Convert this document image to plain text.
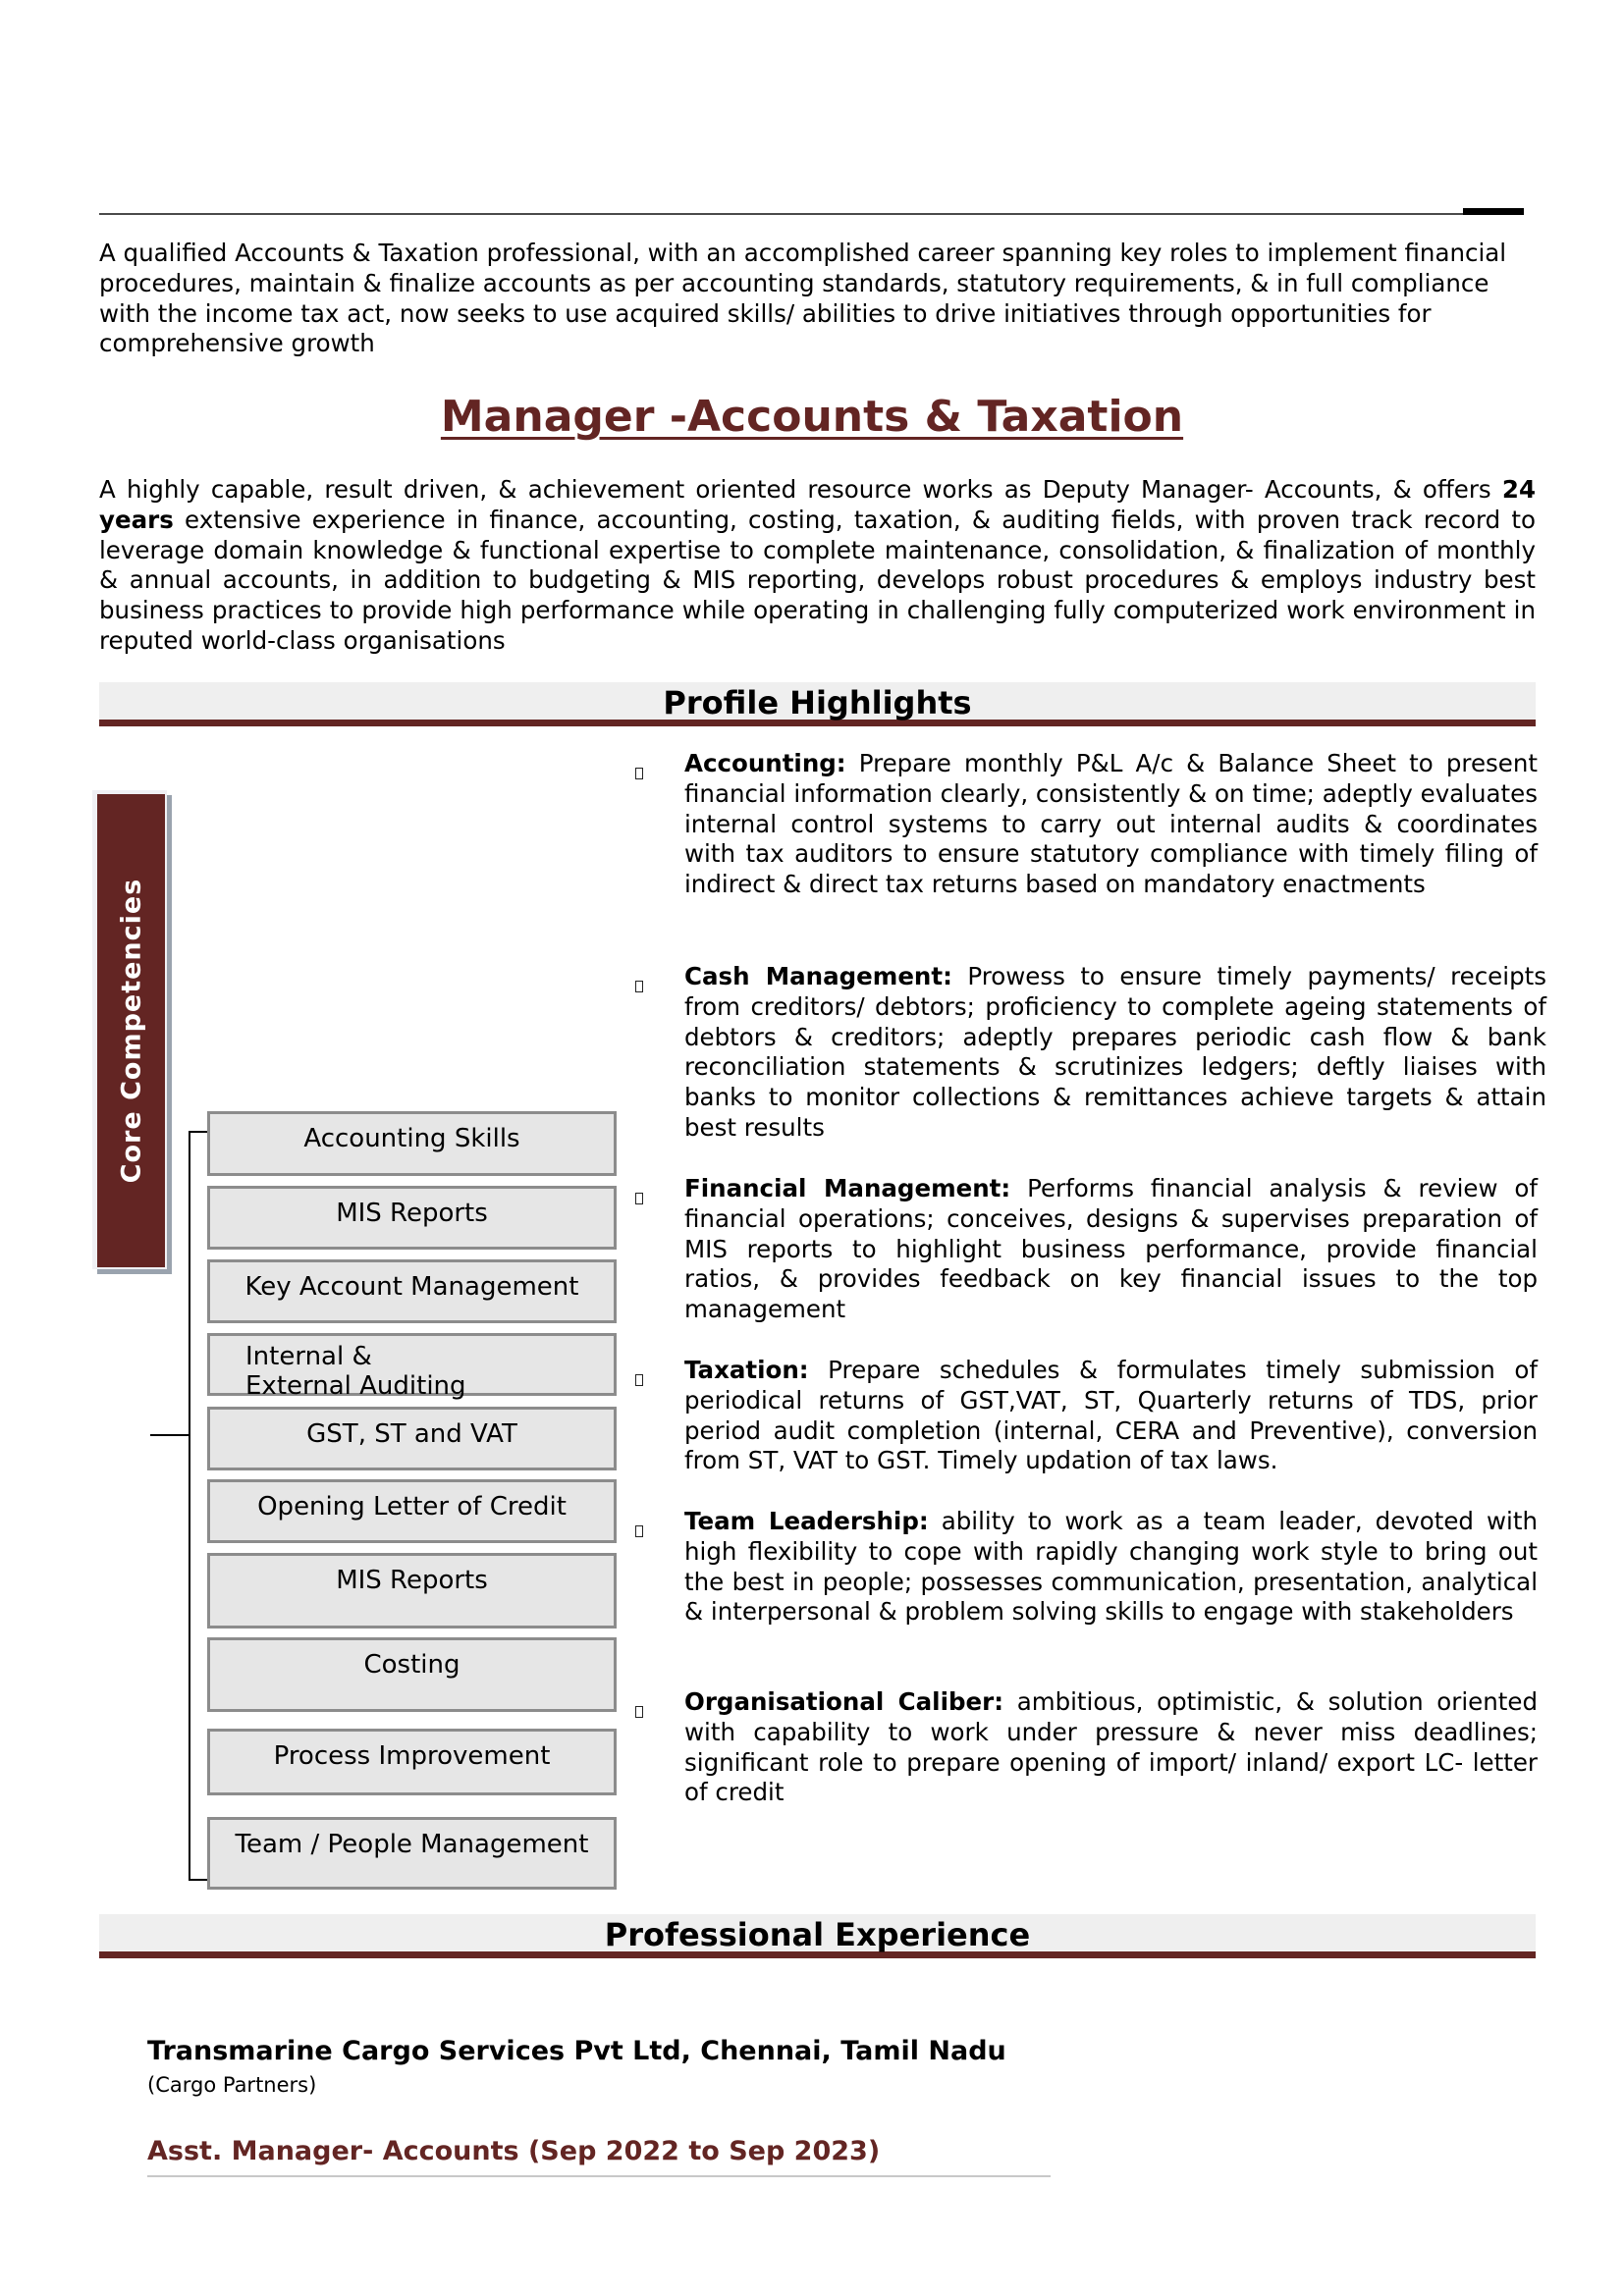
A qualified Accounts & Taxation professional, with an accomplished career spanning key roles to implement financial procedures, maintain & finalize accounts as per accounting standards, statutory requirements, & in full compliance with the income tax act, now seeks to use acquired skills/ abilities to drive initiatives through opportunities for comprehensive growth

Manager -Accounts & Taxation

A highly capable, result driven, & achievement oriented resource works as Deputy Manager- Accounts, & offers 24 years extensive experience in finance, accounting, costing, taxation, & auditing fields, with proven track record to leverage domain knowledge & functional expertise to complete maintenance, consolidation, & finalization of monthly & annual accounts, in addition to budgeting & MIS reporting, develops robust procedures & employs industry best business practices to provide high performance while operating in challenging fully computerized work environment in reputed world-class organisations

Profile Highlights
Core Competencies	Accounting Skills
MIS Reports
Key Account Management
Internal & External Auditing
GST, ST and VAT
Opening Letter of Credit
MIS Reports
Costing
Process Improvement
Team / People Management

Accounting: Prepare monthly P&L A/c & Balance Sheet to present financial information clearly, consistently & on time; adeptly evaluates internal control systems to carry out internal audits & coordinates with tax auditors to ensure statutory compliance with timely filing of indirect & direct tax returns based on mandatory enactments

Cash Management: Prowess to ensure timely payments/ receipts from creditors/ debtors; proficiency to complete ageing statements of debtors & creditors; adeptly prepares periodic cash flow & bank reconciliation statements & scrutinizes ledgers; deftly liaises with banks to monitor collections & remittances achieve targets & attain best results

Financial Management: Performs financial analysis & review of financial operations; conceives, designs & supervises preparation of MIS reports to highlight business performance, provide financial ratios, & provides feedback on key financial issues to the top management

Taxation: Prepare schedules & formulates timely submission of periodical returns of GST,VAT, ST, Quarterly returns of TDS, prior period audit completion (internal, CERA and Preventive), conversion from ST, VAT to GST. Timely updation of tax laws.

Team Leadership: ability to work as a team leader, devoted with high flexibility to cope with rapidly changing work style to bring out the best in people; possesses communication, presentation, analytical & interpersonal & problem solving skills to engage with stakeholders

Organisational Caliber: ambitious, optimistic, & solution oriented with capability to work under pressure & never miss deadlines; significant role to prepare opening of import/ inland/ export LC- letter of credit

Professional Experience
Transmarine Cargo Services Pvt Ltd, Chennai, Tamil Nadu
(Cargo Partners)
Asst. Manager- Accounts (Sep 2022 to Sep 2023)
